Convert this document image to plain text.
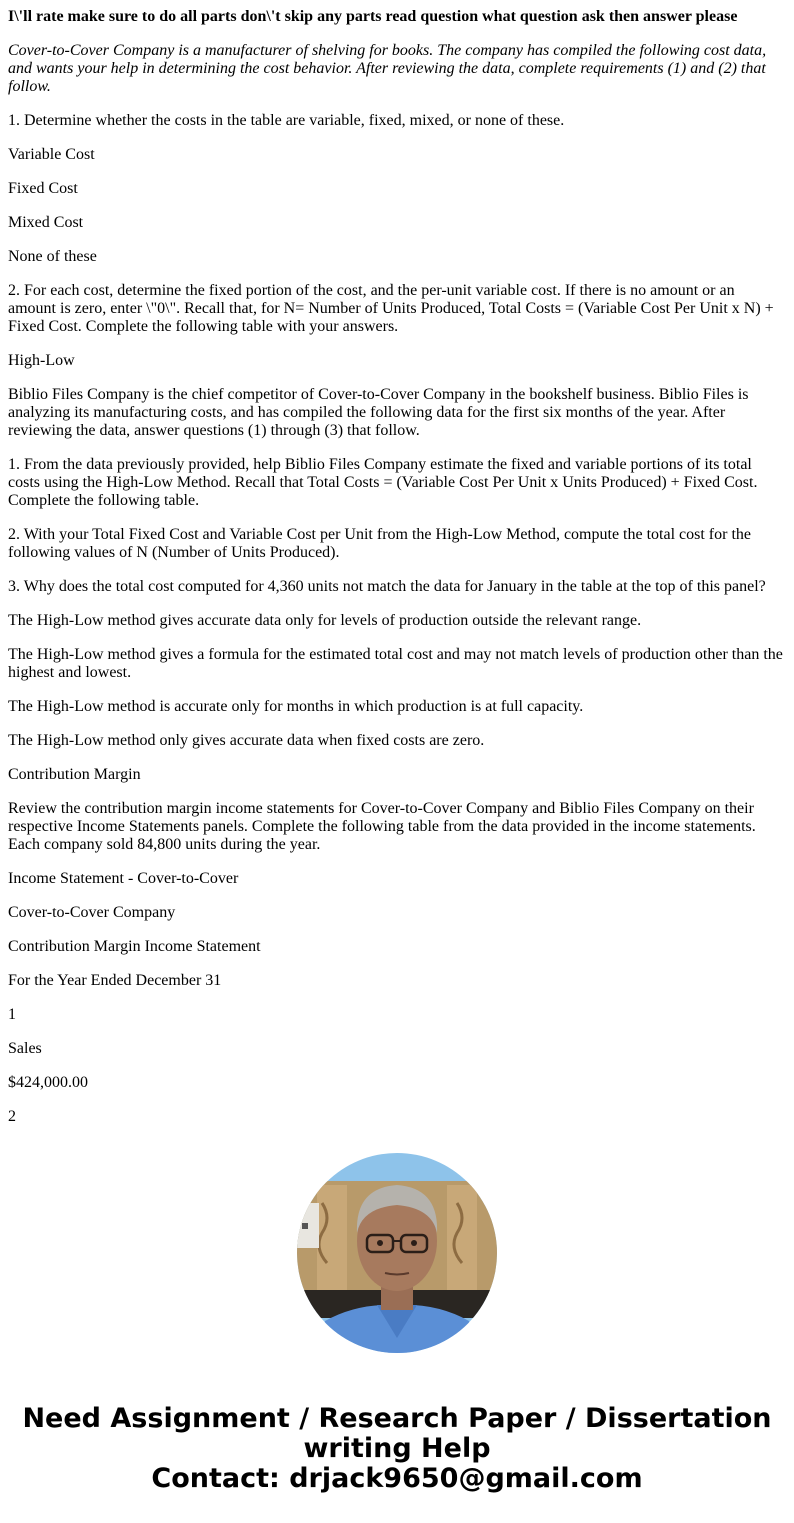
I\'ll rate make sure to do all parts don\'t skip any parts read question what question ask then answer please

Cover-to-Cover Company is a manufacturer of shelving for books. The company has compiled the following cost data, and wants your help in determining the cost behavior. After reviewing the data, complete requirements (1) and (2) that follow.

1. Determine whether the costs in the table are variable, fixed, mixed, or none of these.

Variable Cost

Fixed Cost

Mixed Cost

None of these

2. For each cost, determine the fixed portion of the cost, and the per-unit variable cost. If there is no amount or an amount is zero, enter \"0\". Recall that, for N= Number of Units Produced, Total Costs = (Variable Cost Per Unit x N) + Fixed Cost. Complete the following table with your answers.

High-Low

Biblio Files Company is the chief competitor of Cover-to-Cover Company in the bookshelf business. Biblio Files is analyzing its manufacturing costs, and has compiled the following data for the first six months of the year. After reviewing the data, answer questions (1) through (3) that follow.

1. From the data previously provided, help Biblio Files Company estimate the fixed and variable portions of its total costs using the High-Low Method. Recall that Total Costs = (Variable Cost Per Unit x Units Produced) + Fixed Cost. Complete the following table.

2. With your Total Fixed Cost and Variable Cost per Unit from the High-Low Method, compute the total cost for the following values of N (Number of Units Produced).

3. Why does the total cost computed for 4,360 units not match the data for January in the table at the top of this panel?

The High-Low method gives accurate data only for levels of production outside the relevant range.

The High-Low method gives a formula for the estimated total cost and may not match levels of production other than the highest and lowest.

The High-Low method is accurate only for months in which production is at full capacity.

The High-Low method only gives accurate data when fixed costs are zero.

Contribution Margin

Review the contribution margin income statements for Cover-to-Cover Company and Biblio Files Company on their respective Income Statements panels. Complete the following table from the data provided in the income statements. Each company sold 84,800 units during the year.

Income Statement - Cover-to-Cover

Cover-to-Cover Company

Contribution Margin Income Statement

For the Year Ended December 31

1

Sales

$424,000.00

2

Need Assignment / Research Paper / Dissertation
writing Help
Contact: drjack9650@gmail.com
